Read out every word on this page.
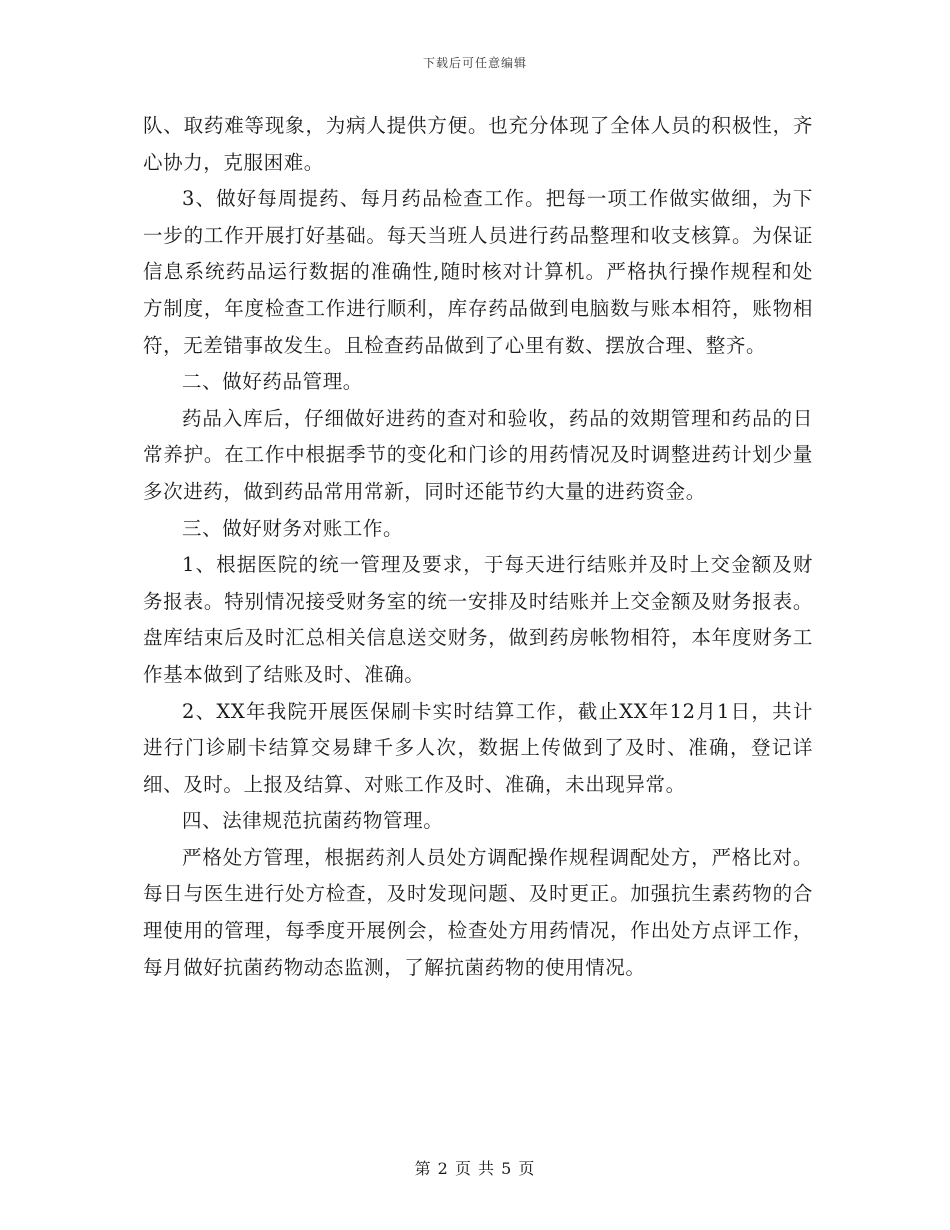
下载后可任意编辑

队、取药难等现象，为病人提供方便。也充分体现了全体人员的积极性，齐心协力，克服困难。

3、做好每周提药、每月药品检查工作。把每一项工作做实做细，为下一步的工作开展打好基础。每天当班人员进行药品整理和收支核算。为保证信息系统药品运行数据的准确性,随时核对计算机。严格执行操作规程和处方制度，年度检查工作进行顺利，库存药品做到电脑数与账本相符，账物相符，无差错事故发生。且检查药品做到了心里有数、摆放合理、整齐。

二、做好药品管理。

药品入库后，仔细做好进药的查对和验收，药品的效期管理和药品的日常养护。在工作中根据季节的变化和门诊的用药情况及时调整进药计划少量多次进药，做到药品常用常新，同时还能节约大量的进药资金。

三、做好财务对账工作。

1、根据医院的统一管理及要求，于每天进行结账并及时上交金额及财务报表。特别情况接受财务室的统一安排及时结账并上交金额及财务报表。盘库结束后及时汇总相关信息送交财务，做到药房帐物相符，本年度财务工作基本做到了结账及时、准确。

2、XX年我院开展医保刷卡实时结算工作，截止XX年12月1日，共计进行门诊刷卡结算交易肆千多人次，数据上传做到了及时、准确，登记详细、及时。上报及结算、对账工作及时、准确，未出现异常。

四、法律规范抗菌药物管理。

严格处方管理，根据药剂人员处方调配操作规程调配处方，严格比对。每日与医生进行处方检查，及时发现问题、及时更正。加强抗生素药物的合理使用的管理，每季度开展例会，检查处方用药情况，作出处方点评工作，每月做好抗菌药物动态监测，了解抗菌药物的使用情况。

第 2 页 共 5 页
